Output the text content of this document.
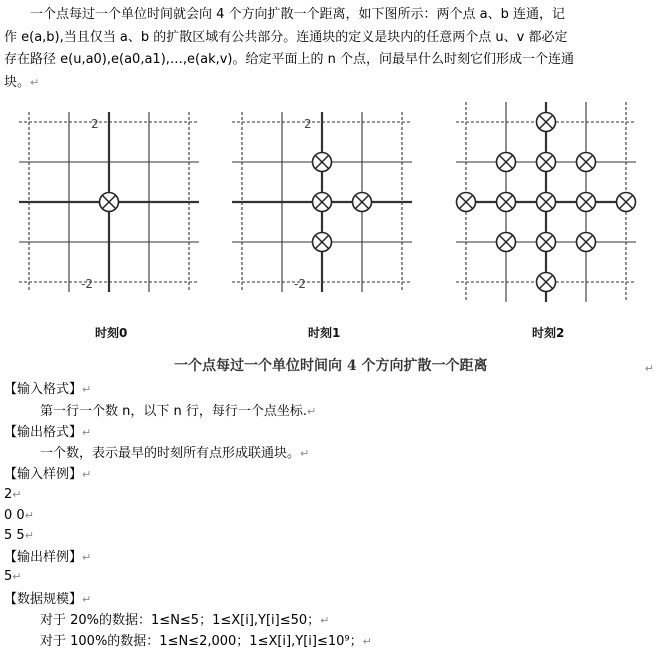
一个点每过一个单位时间就会向 4 个方向扩散一个距离，如下图所示：两个点 a、b 连通，记作 e(a,b),当且仅当 a、b 的扩散区域有公共部分。连通块的定义是块内的任意两个点 u、v 都必定存在路径 e(u,a0),e(a0,a1),…,e(ak,v)。给定平面上的 n 个点，问最早什么时刻它们形成一个连通块。↵
2
-2
时刻0
2
-2
时刻1	时刻2
一个点每过一个单位时间向 4 个方向扩散一个距离	↵
【输入格式】↵
第一行一个数 n，以下 n 行，每行一个点坐标.↵
【输出格式】↵
一个数，表示最早的时刻所有点形成联通块。↵
【输入样例】↵
2↵
0 0↵
5 5↵
【输出样例】↵
5↵
【数据规模】↵
对于 20%的数据：1≤N≤5；1≤X[i],Y[i]≤50；↵
对于 100%的数据：1≤N≤2,000；1≤X[i],Y[i]≤10⁹；↵
